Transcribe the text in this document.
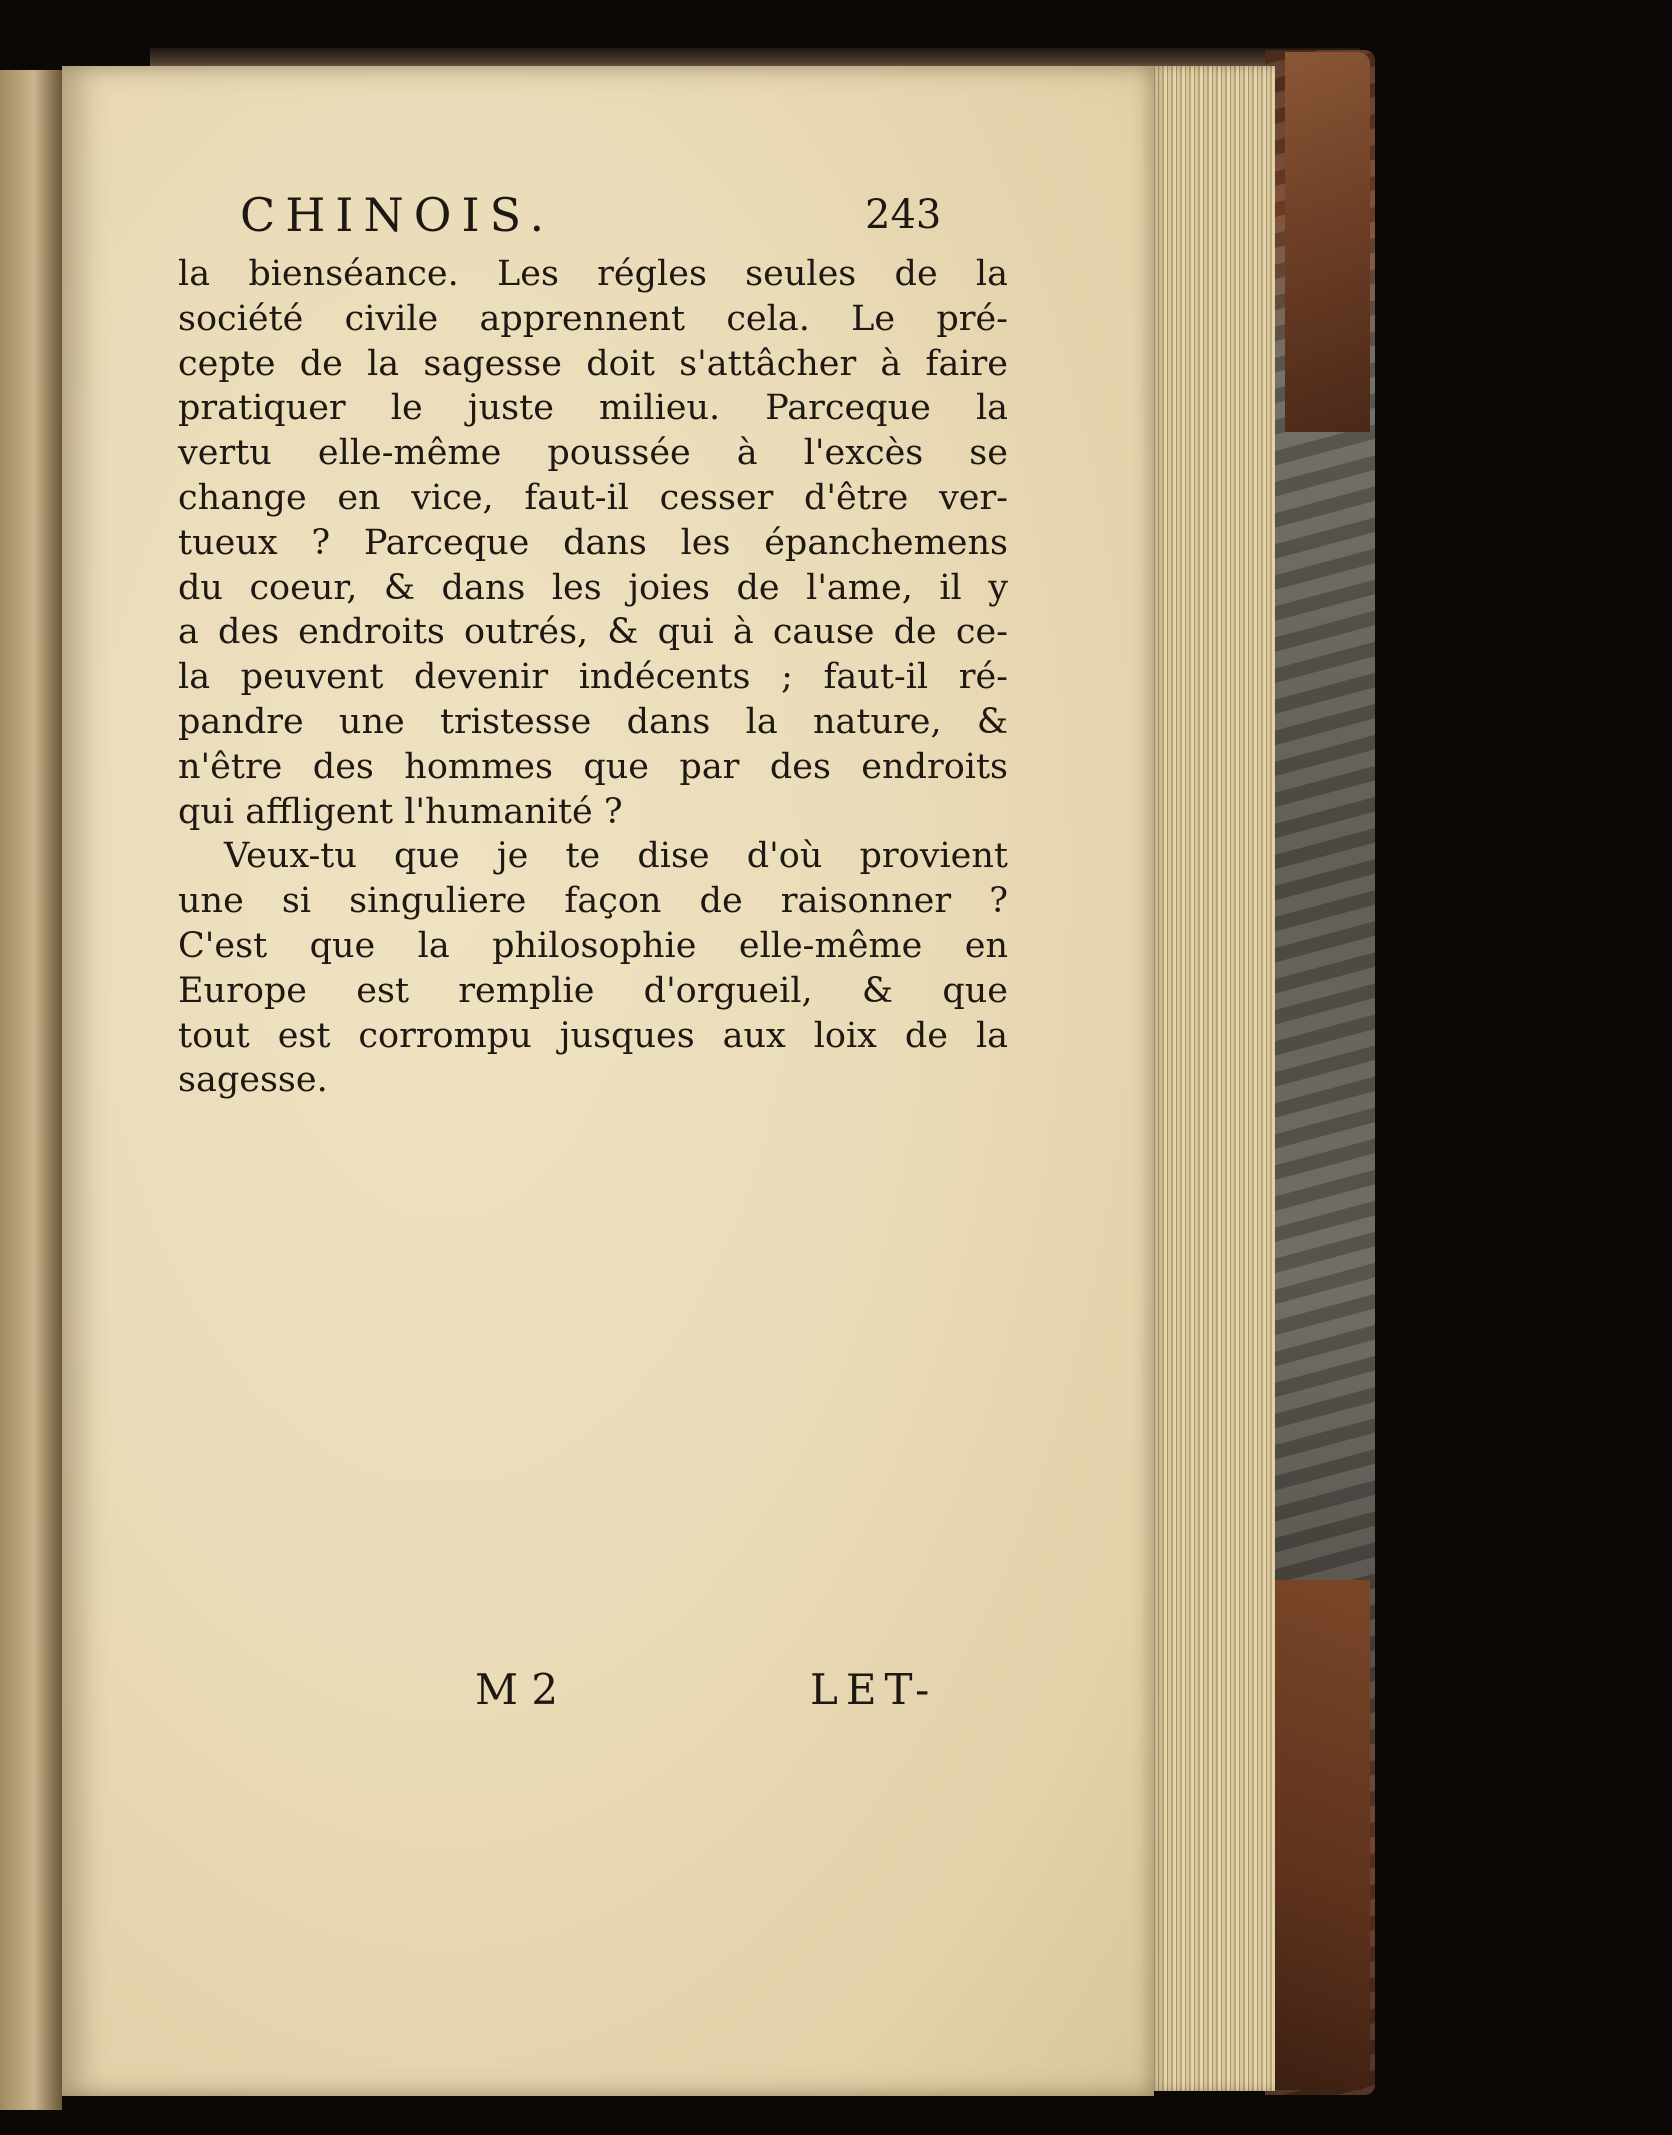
CHINOIS.	243
la bienséance. Les régles seules de la
société civile apprennent cela. Le pré-
cepte de la sagesse doit s'attâcher à faire
pratiquer le juste milieu. Parceque la
vertu elle-même poussée à l'excès se
change en vice, faut-il cesser d'être ver-
tueux ? Parceque dans les épanchemens
du coeur, & dans les joies de l'ame, il y
a des endroits outrés, & qui à cause de ce-
la peuvent devenir indécents ; faut-il ré-
pandre une tristesse dans la nature, &
n'être des hommes que par des endroits
qui affligent l'humanité ?
Veux-tu que je te dise d'où provient
une si singuliere façon de raisonner ?
C'est que la philosophie elle-même en
Europe est remplie d'orgueil, & que
tout est corrompu jusques aux loix de la
sagesse.
M 2	LET-
